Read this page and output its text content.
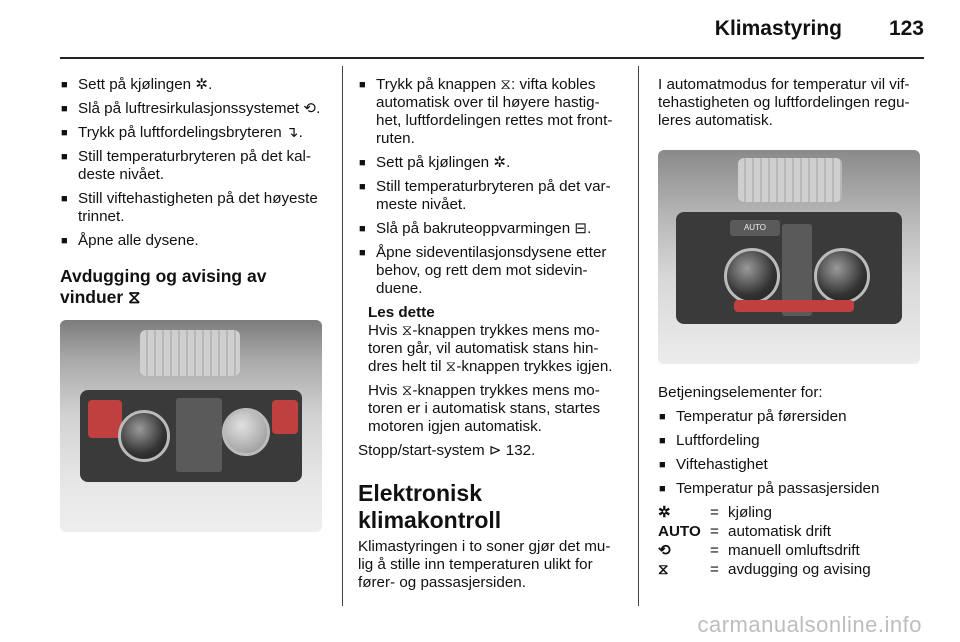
Klimastyring 123
■ Sett på kjølingen ✲.
■ Slå på luftresirkulasjonssystemet ⟲.
■ Trykk på luftfordelingsbryteren ↴.
■ Still temperaturbryteren på det kal-deste nivået.
■ Still viftehastigheten på det høyeste trinnet.
■ Åpne alle dysene.
Avdugging og avising av vinduer ⧖
■ Trykk på knappen ⧖: vifta kobles automatisk over til høyere hastig-het, luftfordelingen rettes mot front-ruten.
■ Sett på kjølingen ✲.
■ Still temperaturbryteren på det var-meste nivået.
■ Slå på bakruteoppvarmingen ⊟.
■ Åpne sideventilasjonsdysene etter behov, og rett dem mot sidevin-duene.
Les dette

Hvis ⧖-knappen trykkes mens mo-toren går, vil automatisk stans hin-dres helt til ⧖-knappen trykkes igjen.

Hvis ⧖-knappen trykkes mens mo-toren er i automatisk stans, startes motoren igjen automatisk.

Stopp/start-system ⊳ 132.

Elektronisk klimakontroll

Klimastyringen i to soner gjør det mu-lig å stille inn temperaturen ulikt for fører- og passasjersiden.

I automatmodus for temperatur vil vif-tehastigheten og luftfordelingen regu-leres automatisk.

AUTO

Betjeningselementer for:

■ Temperatur på førersiden
■ Luftfordeling
■ Viftehastighet
■ Temperatur på passasjersiden
✲	= kjøling
AUTO = automatisk drift
⟲	= manuell omluftsdrift
⧖	= avdugging og avising
carmanualsonline.info
